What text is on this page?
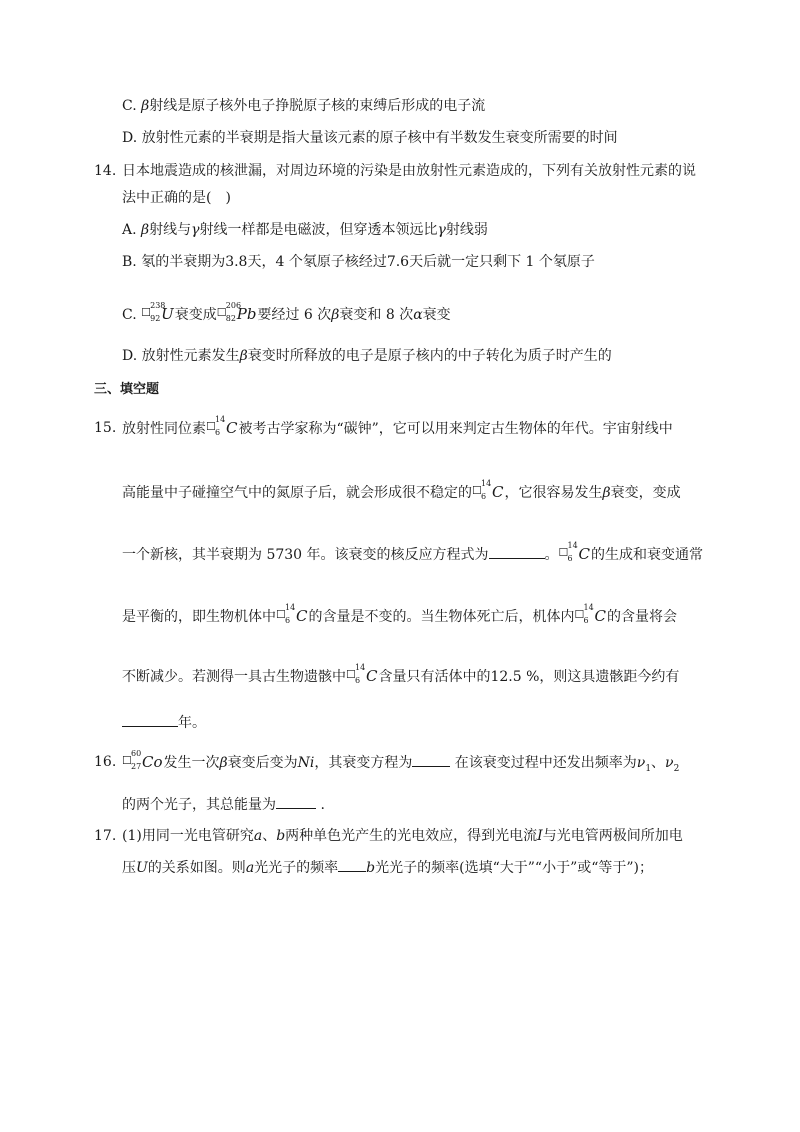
C. β射线是原子核外电子挣脱原子核的束缚后形成的电子流
D. 放射性元素的半衰期是指大量该元素的原子核中有半数发生衰变所需要的时间
14. 日本地震造成的核泄漏，对周边环境的污染是由放射性元素造成的，下列有关放射性元素的说
法中正确的是(　)
A. β射线与γ射线一样都是电磁波，但穿透本领远比γ射线弱
B. 氡的半衰期为3.8天，4 个氡原子核经过7.6天后就一定只剩下 1 个氡原子
C. ☐
238
92 U衰变成 ☐
206
82 Pb要经过 6 次β衰变和 8 次α衰变
D. 放射性元素发生β衰变时所释放的电子是原子核内的中子转化为质子时产生的
三、填空题
15. 放射性同位素 ☐
14
6 C被考古学家称为“碳钟”，它可以用来判定古生物体的年代。宇宙射线中
高能量中子碰撞空气中的氮原子后，就会形成很不稳定的 ☐
14
6 C，它很容易发生β衰变，变成
一个新核，其半衰期为 5730 年。该衰变的核反应方程式为	。 ☐
14
6 C的生成和衰变通常
是平衡的，即生物机体中 ☐
14
6 C的含量是不变的。当生物体死亡后，机体内 ☐
14
6 C的含量将会
不断减少。若测得一具古生物遗骸中 ☐
14
6 C含量只有活体中的12.5 %，则这具遗骸距今约有
年。
16. ☐
60
27 Co发生一次β衰变后变为Ni，其衰变方程为	在该衰变过程中还发出频率为$\nu_1$、$\nu_2$
的两个光子，其总能量为	.
17. (1)用同一光电管研究a、b两种单色光产生的光电效应，得到光电流I与光电管两极间所加电
压U的关系如图。则a光光子的频率 b光光子的频率(选填“大于”“小于”或“等于”)；
